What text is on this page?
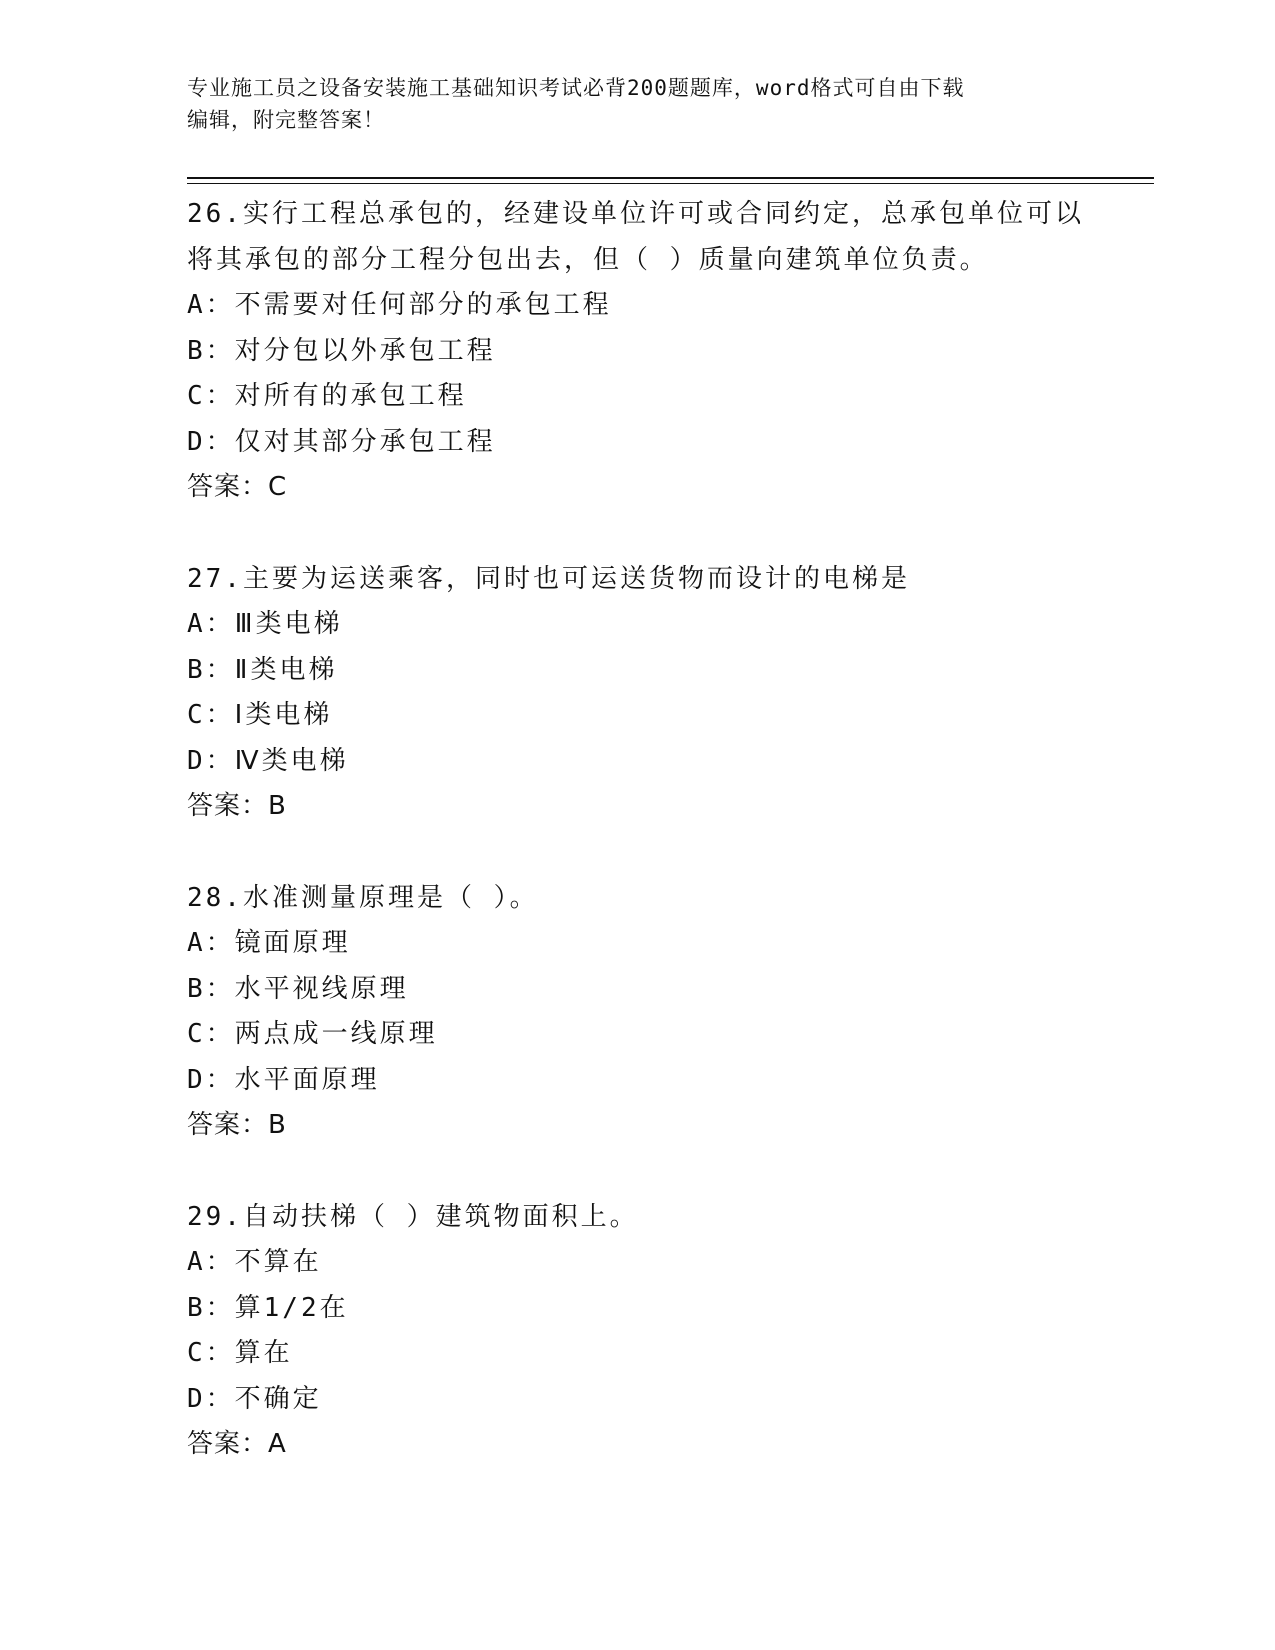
专业施工员之设备安装施工基础知识考试必背200题题库，word格式可自由下载
编辑，附完整答案！
26.实行工程总承包的，经建设单位许可或合同约定，总承包单位可以
将其承包的部分工程分包出去，但（ ）质量向建筑单位负责。
A：不需要对任何部分的承包工程
B：对分包以外承包工程
C：对所有的承包工程
D：仅对其部分承包工程
答案：C
27.主要为运送乘客，同时也可运送货物而设计的电梯是
A：Ⅲ类电梯
B：Ⅱ类电梯
C：Ⅰ类电梯
D：Ⅳ类电梯
答案：B
28.水准测量原理是（ ）。
A：镜面原理
B：水平视线原理
C：两点成一线原理
D：水平面原理
答案：B
29.自动扶梯（ ）建筑物面积上。
A：不算在
B：算1/2在
C：算在
D：不确定
答案：A
